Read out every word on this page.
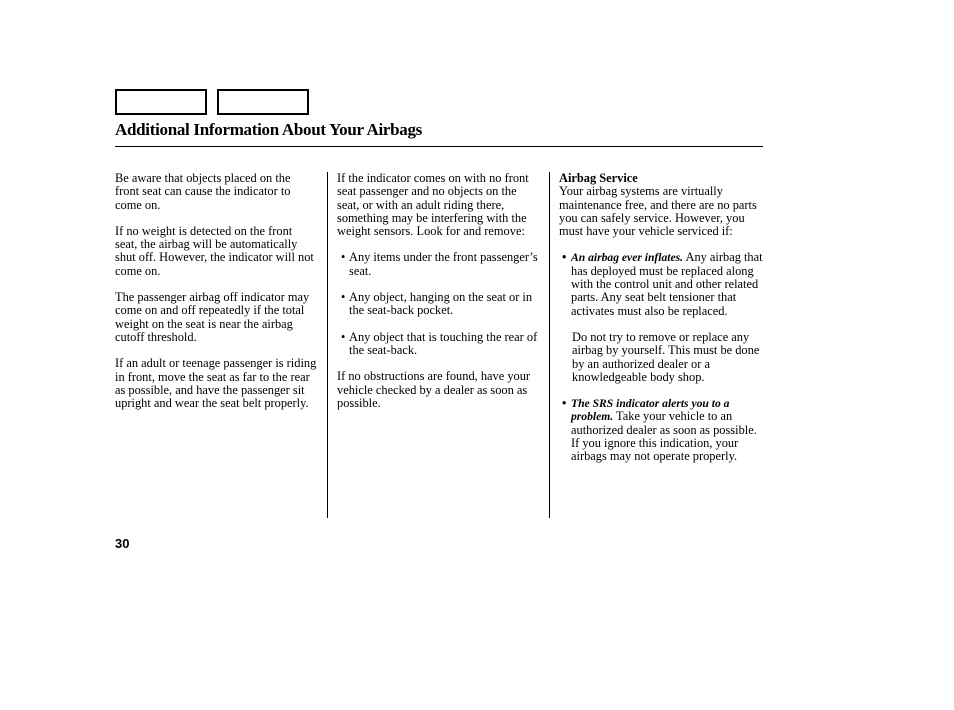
Additional Information About Your Airbags

Be aware that objects placed on the front seat can cause the indicator to come on.

If no weight is detected on the front seat, the airbag will be automatically shut off. However, the indicator will not come on.

The passenger airbag off indicator may come on and off repeatedly if the total weight on the seat is near the airbag cutoff threshold.

If an adult or teenage passenger is riding in front, move the seat as far to the rear as possible, and have the passenger sit upright and wear the seat belt properly.

If the indicator comes on with no front seat passenger and no objects on the seat, or with an adult riding there, something may be interfering with the weight sensors. Look for and remove:

• Any items under the front passenger’s seat.
• Any object, hanging on the seat or in the seat-back pocket.
• Any object that is touching the rear of the seat-back.

If no obstructions are found, have your vehicle checked by a dealer as soon as possible.

Airbag Service
Your airbag systems are virtually maintenance free, and there are no parts you can safely service. However, you must have your vehicle serviced if:

• An airbag ever inflates. Any airbag that has deployed must be replaced along with the control unit and other related parts. Any seat belt tensioner that activates must also be replaced.

Do not try to remove or replace any airbag by yourself. This must be done by an authorized dealer or a knowledgeable body shop.

• The SRS indicator alerts you to a problem. Take your vehicle to an authorized dealer as soon as possible. If you ignore this indication, your airbags may not operate properly.
30
